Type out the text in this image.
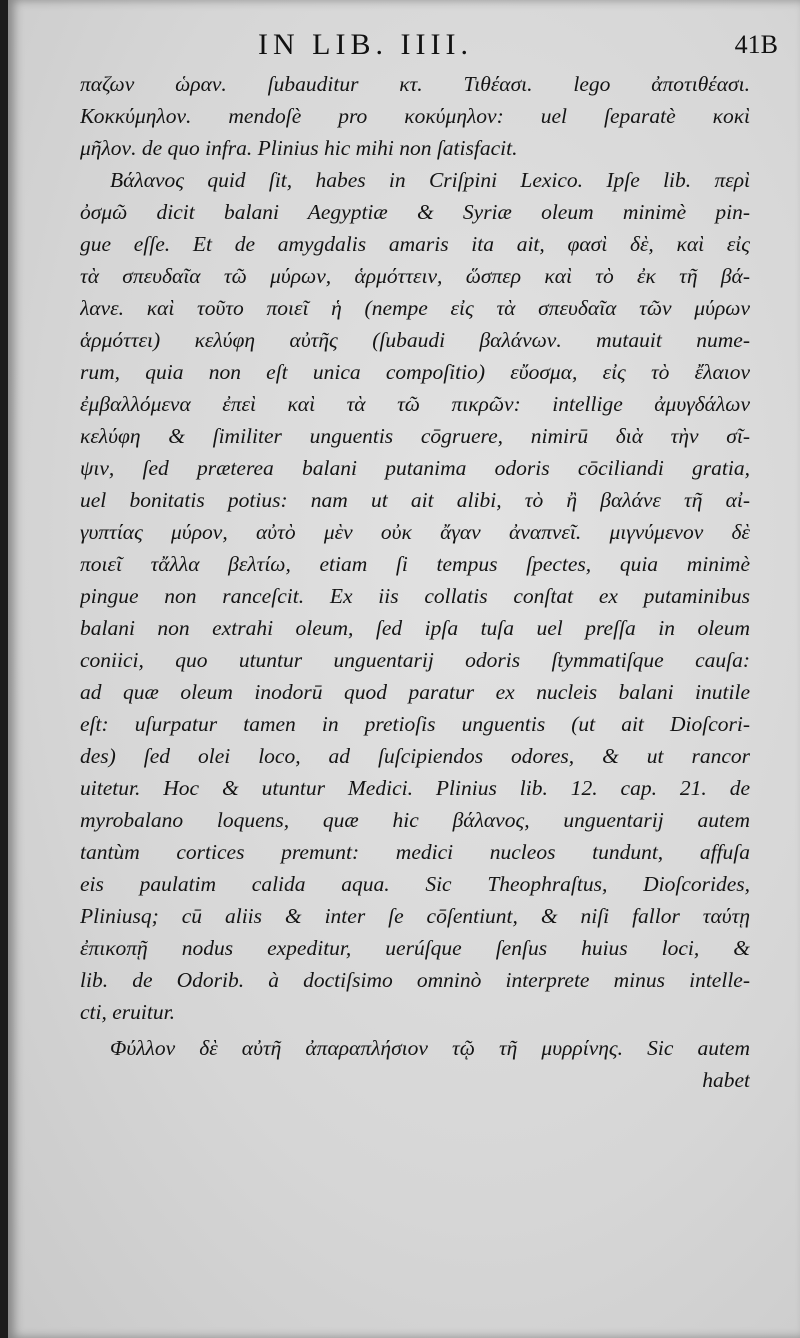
IN LIB. IIII.	41B
παζων ὡραν. ſubauditur κτ. Τιθέασι. lego ἀποτιθέασι.
Κοκκύμηλον. mendoſè pro κοκύμηλον: uel ſeparatè κοκὶ
μῆλον. de quo infra. Plinius hic mihi non ſatisfacit.
Βάλανος quid ſit, habes in Criſpini Lexico. Ipſe lib. περὶ
ὀσμῶ dicit balani Aegyptiæ & Syriæ oleum minimè pin-
gue eſſe. Et de amygdalis amaris ita ait, φασὶ δὲ, καὶ εἰς
τὰ σπευδαῖα τῶ μύρων, ἁρμόττειν, ὥσπερ καὶ τὸ ἐκ τῆ βά-
λανε. καὶ τοῦτο ποιεῖ ἡ (nempe εἰς τὰ σπευδαῖα τῶν μύρων
ἁρμόττει) κελύφη αὐτῆς (ſubaudi βαλάνων. mutauit nume-
rum, quia non eſt unica compoſitio) εὔοσμα, εἰς τὸ ἔλαιον
ἐμβαλλόμενα ἐπεὶ καὶ τὰ τῶ πικρῶν: intellige ἀμυγδάλων
κελύφη & ſimiliter unguentis cōgruere, nimirū διὰ τὴν σῖ-
ψιν, ſed præterea balani putanima odoris cōciliandi gratia,
uel bonitatis potius: nam ut ait alibi, τὸ ἢ βαλάνε τῆ αἰ-
γυπτίας μύρον, αὐτὸ μὲν οὐκ ἄγαν ἀναπνεῖ. μιγνύμενον δὲ
ποιεῖ τἄλλα βελτίω, etiam ſi tempus ſpectes, quia minimè
pingue non ranceſcit. Ex iis collatis conſtat ex putaminibus
balani non extrahi oleum, ſed ipſa tuſa uel preſſa in oleum
coniici, quo utuntur unguentarij odoris ſtymmatiſque cauſa:
ad quæ oleum inodorū quod paratur ex nucleis balani inutile
eſt: uſurpatur tamen in pretioſis unguentis (ut ait Dioſcori-
des) ſed olei loco, ad ſuſcipiendos odores, & ut rancor
uitetur. Hoc & utuntur Medici. Plinius lib. 12. cap. 21. de
myrobalano loquens, quæ hic βάλανος, unguentarij autem
tantùm cortices premunt: medici nucleos tundunt, affuſa
eis paulatim calida aqua. Sic Theophraſtus, Dioſcorides,
Pliniusq; cū aliis & inter ſe cōſentiunt, & niſi fallor ταύτῃ
ἐπικοπῇ nodus expeditur, uerúſque ſenſus huius loci, &
lib. de Odorib. à doctiſsimo omninò interprete minus intelle-
cti, eruitur.
Φύλλον δὲ αὐτῆ ἀπαραπλήσιον τῷ τῆ μυρρίνης. Sic autem
habet
